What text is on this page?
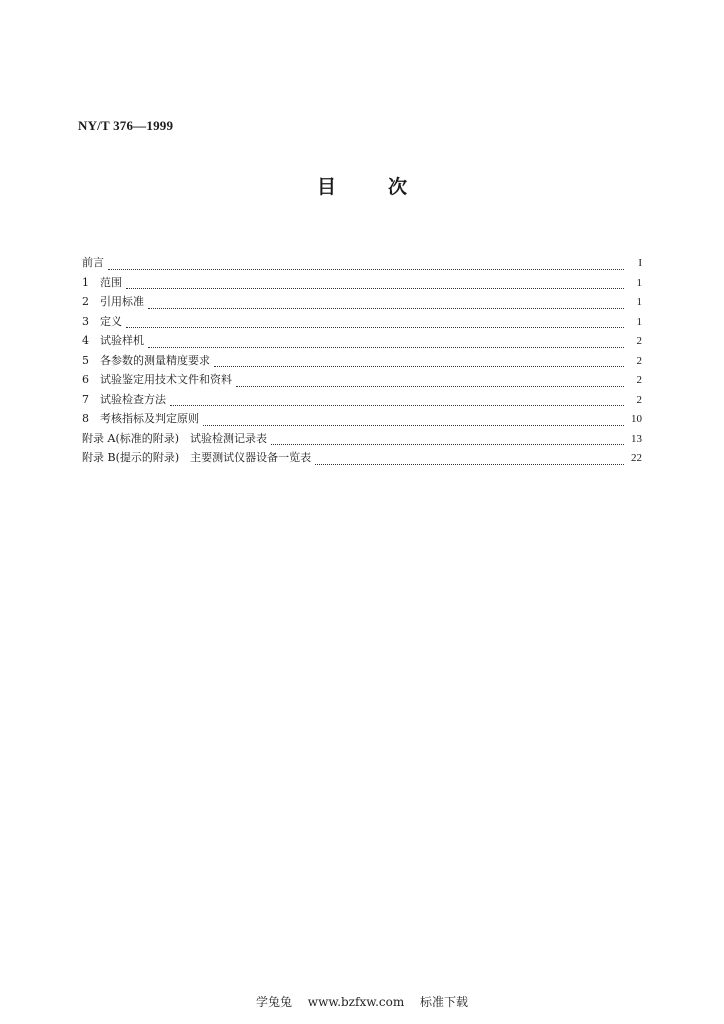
NY/T 376—1999
目次
前言	I
1 范围	1
2 引用标准	1
3 定义	1
4 试验样机	2
5 各参数的测量精度要求	2
6 试验鉴定用技术文件和资料	2
7 试验检查方法	2
8 考核指标及判定原则	10
附录 A(标准的附录)　试验检测记录表	13
附录 B(提示的附录)　主要测试仪器设备一览表	22
学兔兔 www.bzfxw.com 标准下载
